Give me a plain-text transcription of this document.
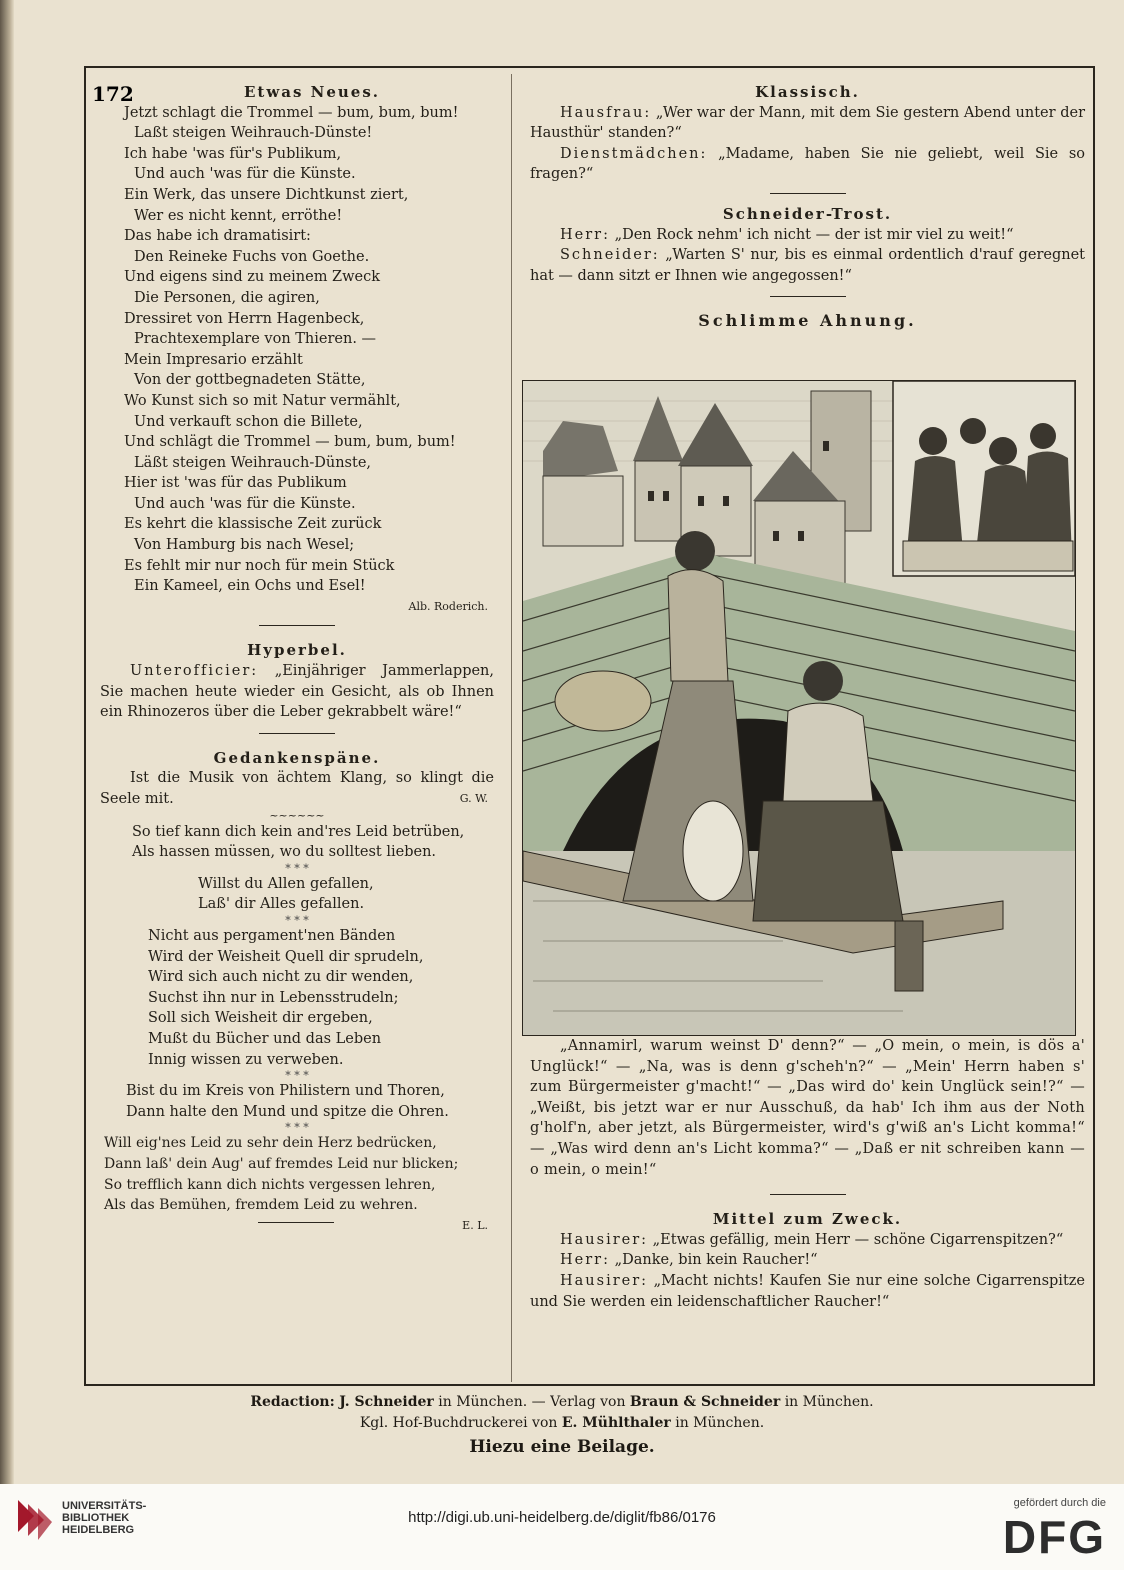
172	Etwas Neues.

Jetzt schlagt die Trommel — bum, bum, bum!

Laßt steigen Weihrauch-Dünste!

Ich habe 'was für's Publikum,

Und auch 'was für die Künste.

Ein Werk, das unsere Dichtkunst ziert,

Wer es nicht kennt, erröthe!

Das habe ich dramatisirt:

Den Reineke Fuchs von Goethe.

Und eigens sind zu meinem Zweck

Die Personen, die agiren,

Dressiret von Herrn Hagenbeck,

Prachtexemplare von Thieren. —

Mein Impresario erzählt

Von der gottbegnadeten Stätte,

Wo Kunst sich so mit Natur vermählt,

Und verkauft schon die Billete,

Und schlägt die Trommel — bum, bum, bum!

Läßt steigen Weihrauch-Dünste,

Hier ist 'was für das Publikum

Und auch 'was für die Künste.

Es kehrt die klassische Zeit zurück

Von Hamburg bis nach Wesel;

Es fehlt mir nur noch für mein Stück

Ein Kameel, ein Ochs und Esel!

Alb. Roderich.
Hyperbel.

Unterofficier: „Einjähriger Jammerlappen, Sie machen heute wieder ein Gesicht, als ob Ihnen ein Rhinozeros über die Leber gekrabbelt wäre!“

Gedankenspäne.

Ist die Musik von ächtem Klang, so klingt die Seele mit.	G. W.

~~~~~~

So tief kann dich kein and'res Leid betrüben,

Als hassen müssen, wo du solltest lieben.

* * *

Willst du Allen gefallen,

Laß' dir Alles gefallen.

* * *

Nicht aus pergament'nen Bänden

Wird der Weisheit Quell dir sprudeln,

Wird sich auch nicht zu dir wenden,

Suchst ihn nur in Lebensstrudeln;

Soll sich Weisheit dir ergeben,

Mußt du Bücher und das Leben

Innig wissen zu verweben.

* * *

Bist du im Kreis von Philistern und Thoren,

Dann halte den Mund und spitze die Ohren.

* * *

Will eig'nes Leid zu sehr dein Herz bedrücken,

Dann laß' dein Aug' auf fremdes Leid nur blicken;

So trefflich kann dich nichts vergessen lehren,

Als das Bemühen, fremdem Leid zu wehren.

E. L.
Klassisch.

Hausfrau: „Wer war der Mann, mit dem Sie gestern Abend unter der Hausthür' standen?“

Dienstmädchen: „Madame, haben Sie nie geliebt, weil Sie so fragen?“

Schneider-Trost.

Herr: „Den Rock nehm' ich nicht — der ist mir viel zu weit!“

Schneider: „Warten S' nur, bis es einmal ordentlich d'rauf geregnet hat — dann sitzt er Ihnen wie angegossen!“

Schlimme Ahnung.

„Annamirl, warum weinst D' denn?“ — „O mein, o mein, is dös a' Unglück!“ — „Na, was is denn g'scheh'n?“ — „Mein' Herrn haben s' zum Bürgermeister g'macht!“ — „Das wird do' kein Unglück sein!?“ — „Weißt, bis jetzt war er nur Ausschuß, da hab' Ich ihm aus der Noth g'holf'n, aber jetzt, als Bürgermeister, wird's g'wiß an's Licht komma!“ — „Was wird denn an's Licht komma?“ — „Daß er nit schreiben kann — o mein, o mein!“

Mittel zum Zweck.

Hausirer: „Etwas gefällig, mein Herr — schöne Cigarrenspitzen?“

Herr: „Danke, bin kein Raucher!“

Hausirer: „Macht nichts! Kaufen Sie nur eine solche Cigarrenspitze und Sie werden ein leidenschaftlicher Raucher!“

Redaction: J. Schneider in München. — Verlag von Braun & Schneider in München.
Kgl. Hof-Buchdruckerei von E. Mühlthaler in München.
Hiezu eine Beilage.
UNIVERSITÄTS-
BIBLIOTHEK
HEIDELBERG
http://digi.ub.uni-heidelberg.de/diglit/fb86/0176
gefördert durch die
DFG
